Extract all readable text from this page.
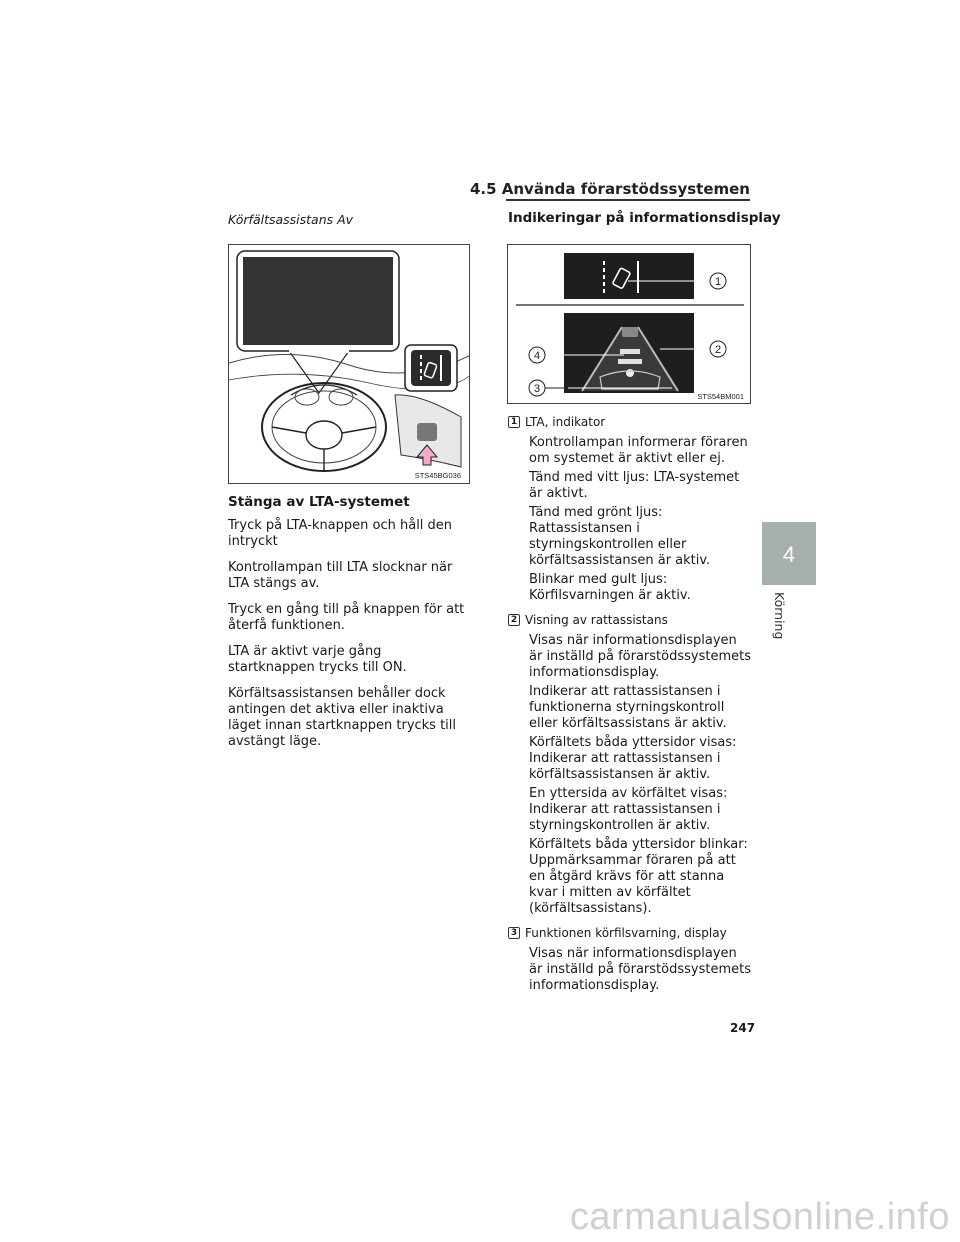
4.5 Använda förarstödssystemen
Körfältsassistans Av
STS45BG036
Stänga av LTA-systemet
Tryck på LTA-knappen och håll den intryckt
Kontrollampan till LTA slocknar när LTA stängs av.
Tryck en gång till på knappen för att återfå funktionen.
LTA är aktivt varje gång startknappen trycks till ON.
Körfältsassistansen behåller dock antingen det aktiva eller inaktiva läget innan startknappen trycks till avstängt läge.
Indikeringar på informationsdisplay
1
2
3
4
STS54BM001
1 LTA, indikator
Kontrollampan informerar föraren om systemet är aktivt eller ej.
Tänd med vitt ljus: LTA-systemet är aktivt.
Tänd med grönt ljus: Rattassistansen i styrningskontrollen eller körfältsassistansen är aktiv.
Blinkar med gult ljus: Körfilsvarningen är aktiv.
2 Visning av rattassistans
Visas när informationsdisplayen är inställd på förarstödssystemets informationsdisplay.
Indikerar att rattassistansen i funktionerna styrningskontroll eller körfältsassistans är aktiv.
Körfältets båda yttersidor visas: Indikerar att rattassistansen i körfältsassistansen är aktiv.
En yttersida av körfältet visas: Indikerar att rattassistansen i styrningskontrollen är aktiv.
Körfältets båda yttersidor blinkar: Uppmärksammar föraren på att en åtgärd krävs för att stanna kvar i mitten av körfältet (körfältsassistans).
3 Funktionen körfilsvarning, display
Visas när informationsdisplayen är inställd på förarstödssystemets informationsdisplay.
4
Körning
247
carmanualsonline.info
